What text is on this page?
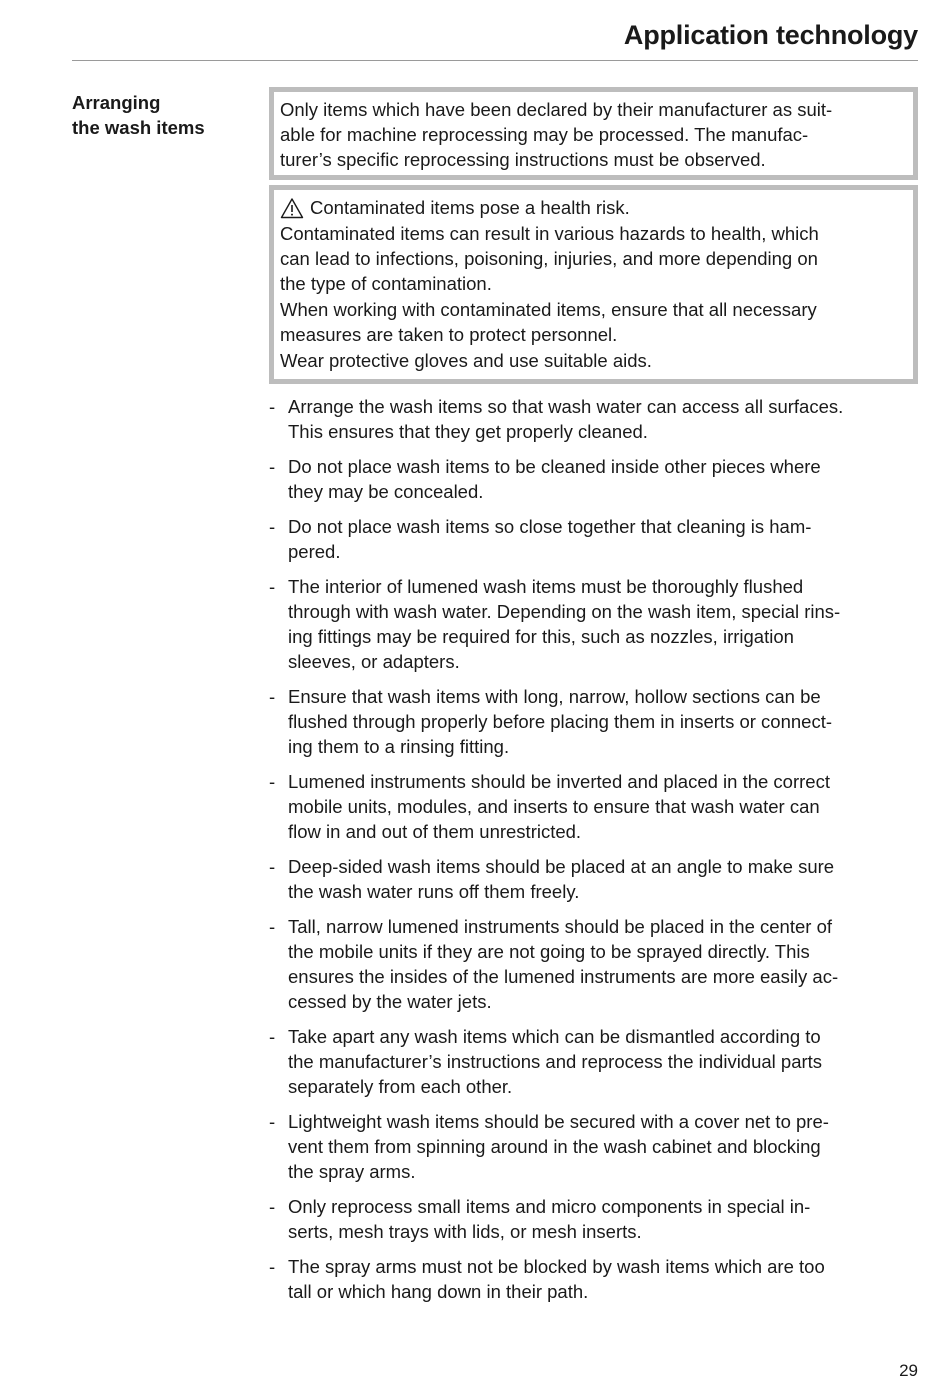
Application technology
Arranging
the wash items

Only items which have been declared by their manufacturer as suit-
able for machine reprocessing may be processed. The manufac-
turer’s specific reprocessing instructions must be observed.

Contaminated items pose a health risk.

Contaminated items can result in various hazards to health, which
can lead to infections, poisoning, injuries, and more depending on
the type of contamination.

When working with contaminated items, ensure that all necessary
measures are taken to protect personnel.

Wear protective gloves and use suitable aids.

- Arrange the wash items so that wash water can access all surfaces.
This ensures that they get properly cleaned.
- Do not place wash items to be cleaned inside other pieces where
they may be concealed.
- Do not place wash items so close together that cleaning is ham-
pered.
- The interior of lumened wash items must be thoroughly flushed
through with wash water. Depending on the wash item, special rins-
ing fittings may be required for this, such as nozzles, irrigation
sleeves, or adapters.
- Ensure that wash items with long, narrow, hollow sections can be
flushed through properly before placing them in inserts or connect-
ing them to a rinsing fitting.
- Lumened instruments should be inverted and placed in the correct
mobile units, modules, and inserts to ensure that wash water can
flow in and out of them unrestricted.
- Deep-sided wash items should be placed at an angle to make sure
the wash water runs off them freely.
- Tall, narrow lumened instruments should be placed in the center of
the mobile units if they are not going to be sprayed directly. This
ensures the insides of the lumened instruments are more easily ac-
cessed by the water jets.
- Take apart any wash items which can be dismantled according to
the manufacturer’s instructions and reprocess the individual parts
separately from each other.
- Lightweight wash items should be secured with a cover net to pre-
vent them from spinning around in the wash cabinet and blocking
the spray arms.
- Only reprocess small items and micro components in special in-
serts, mesh trays with lids, or mesh inserts.
- The spray arms must not be blocked by wash items which are too
tall or which hang down in their path.
29
